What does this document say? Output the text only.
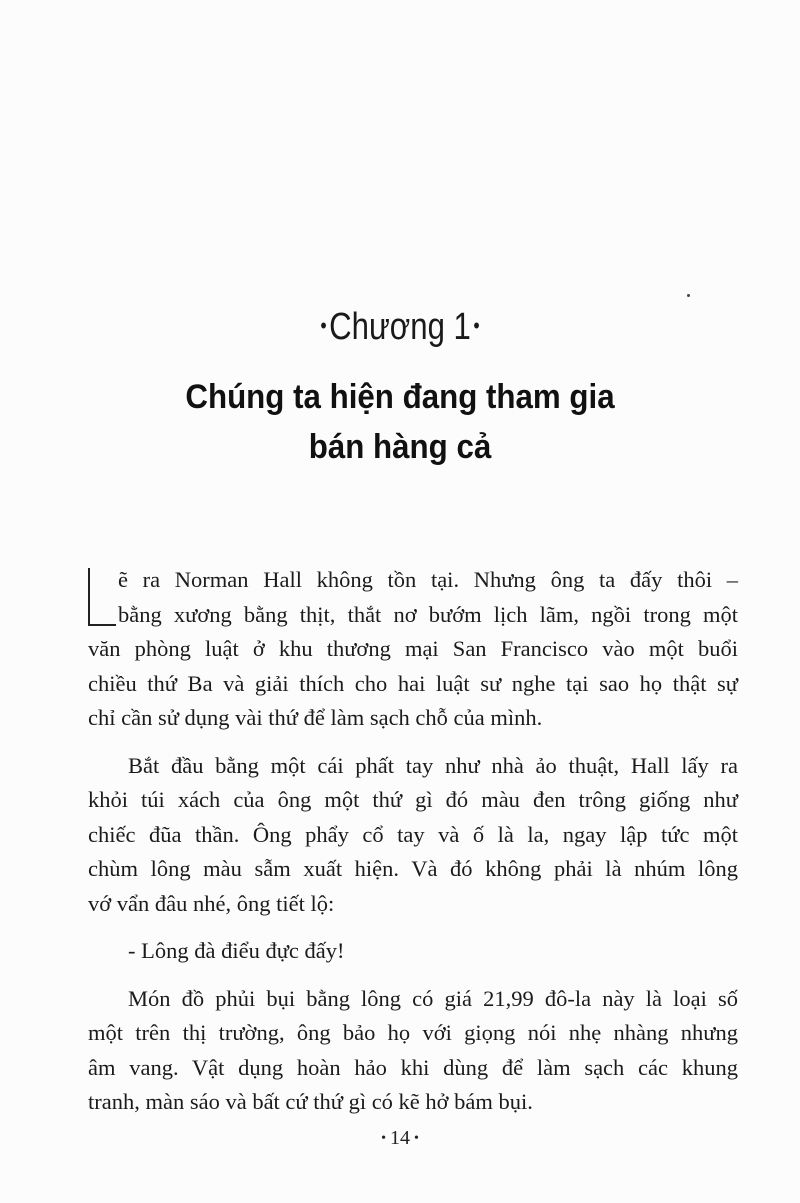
•Chương 1 •
Chúng ta hiện đang tham gia
bán hàng cả
ẽ ra Norman Hall không tồn tại. Nhưng ông ta đấy thôi –
bằng xương bằng thịt, thắt nơ bướm lịch lãm, ngồi trong một
văn phòng luật ở khu thương mại San Francisco vào một buổi
chiều thứ Ba và giải thích cho hai luật sư nghe tại sao họ thật sự
chỉ cần sử dụng vài thứ để làm sạch chỗ của mình.
Bắt đầu bằng một cái phất tay như nhà ảo thuật, Hall lấy ra
khỏi túi xách của ông một thứ gì đó màu đen trông giống như
chiếc đũa thần. Ông phẩy cổ tay và ố là la, ngay lập tức một
chùm lông màu sẫm xuất hiện. Và đó không phải là nhúm lông
vớ vẩn đâu nhé, ông tiết lộ:
- Lông đà điểu đực đấy!
Món đồ phủi bụi bằng lông có giá 21,99 đô-la này là loại số
một trên thị trường, ông bảo họ với giọng nói nhẹ nhàng nhưng
âm vang. Vật dụng hoàn hảo khi dùng để làm sạch các khung
tranh, màn sáo và bất cứ thứ gì có kẽ hở bám bụi.
• 14 •
